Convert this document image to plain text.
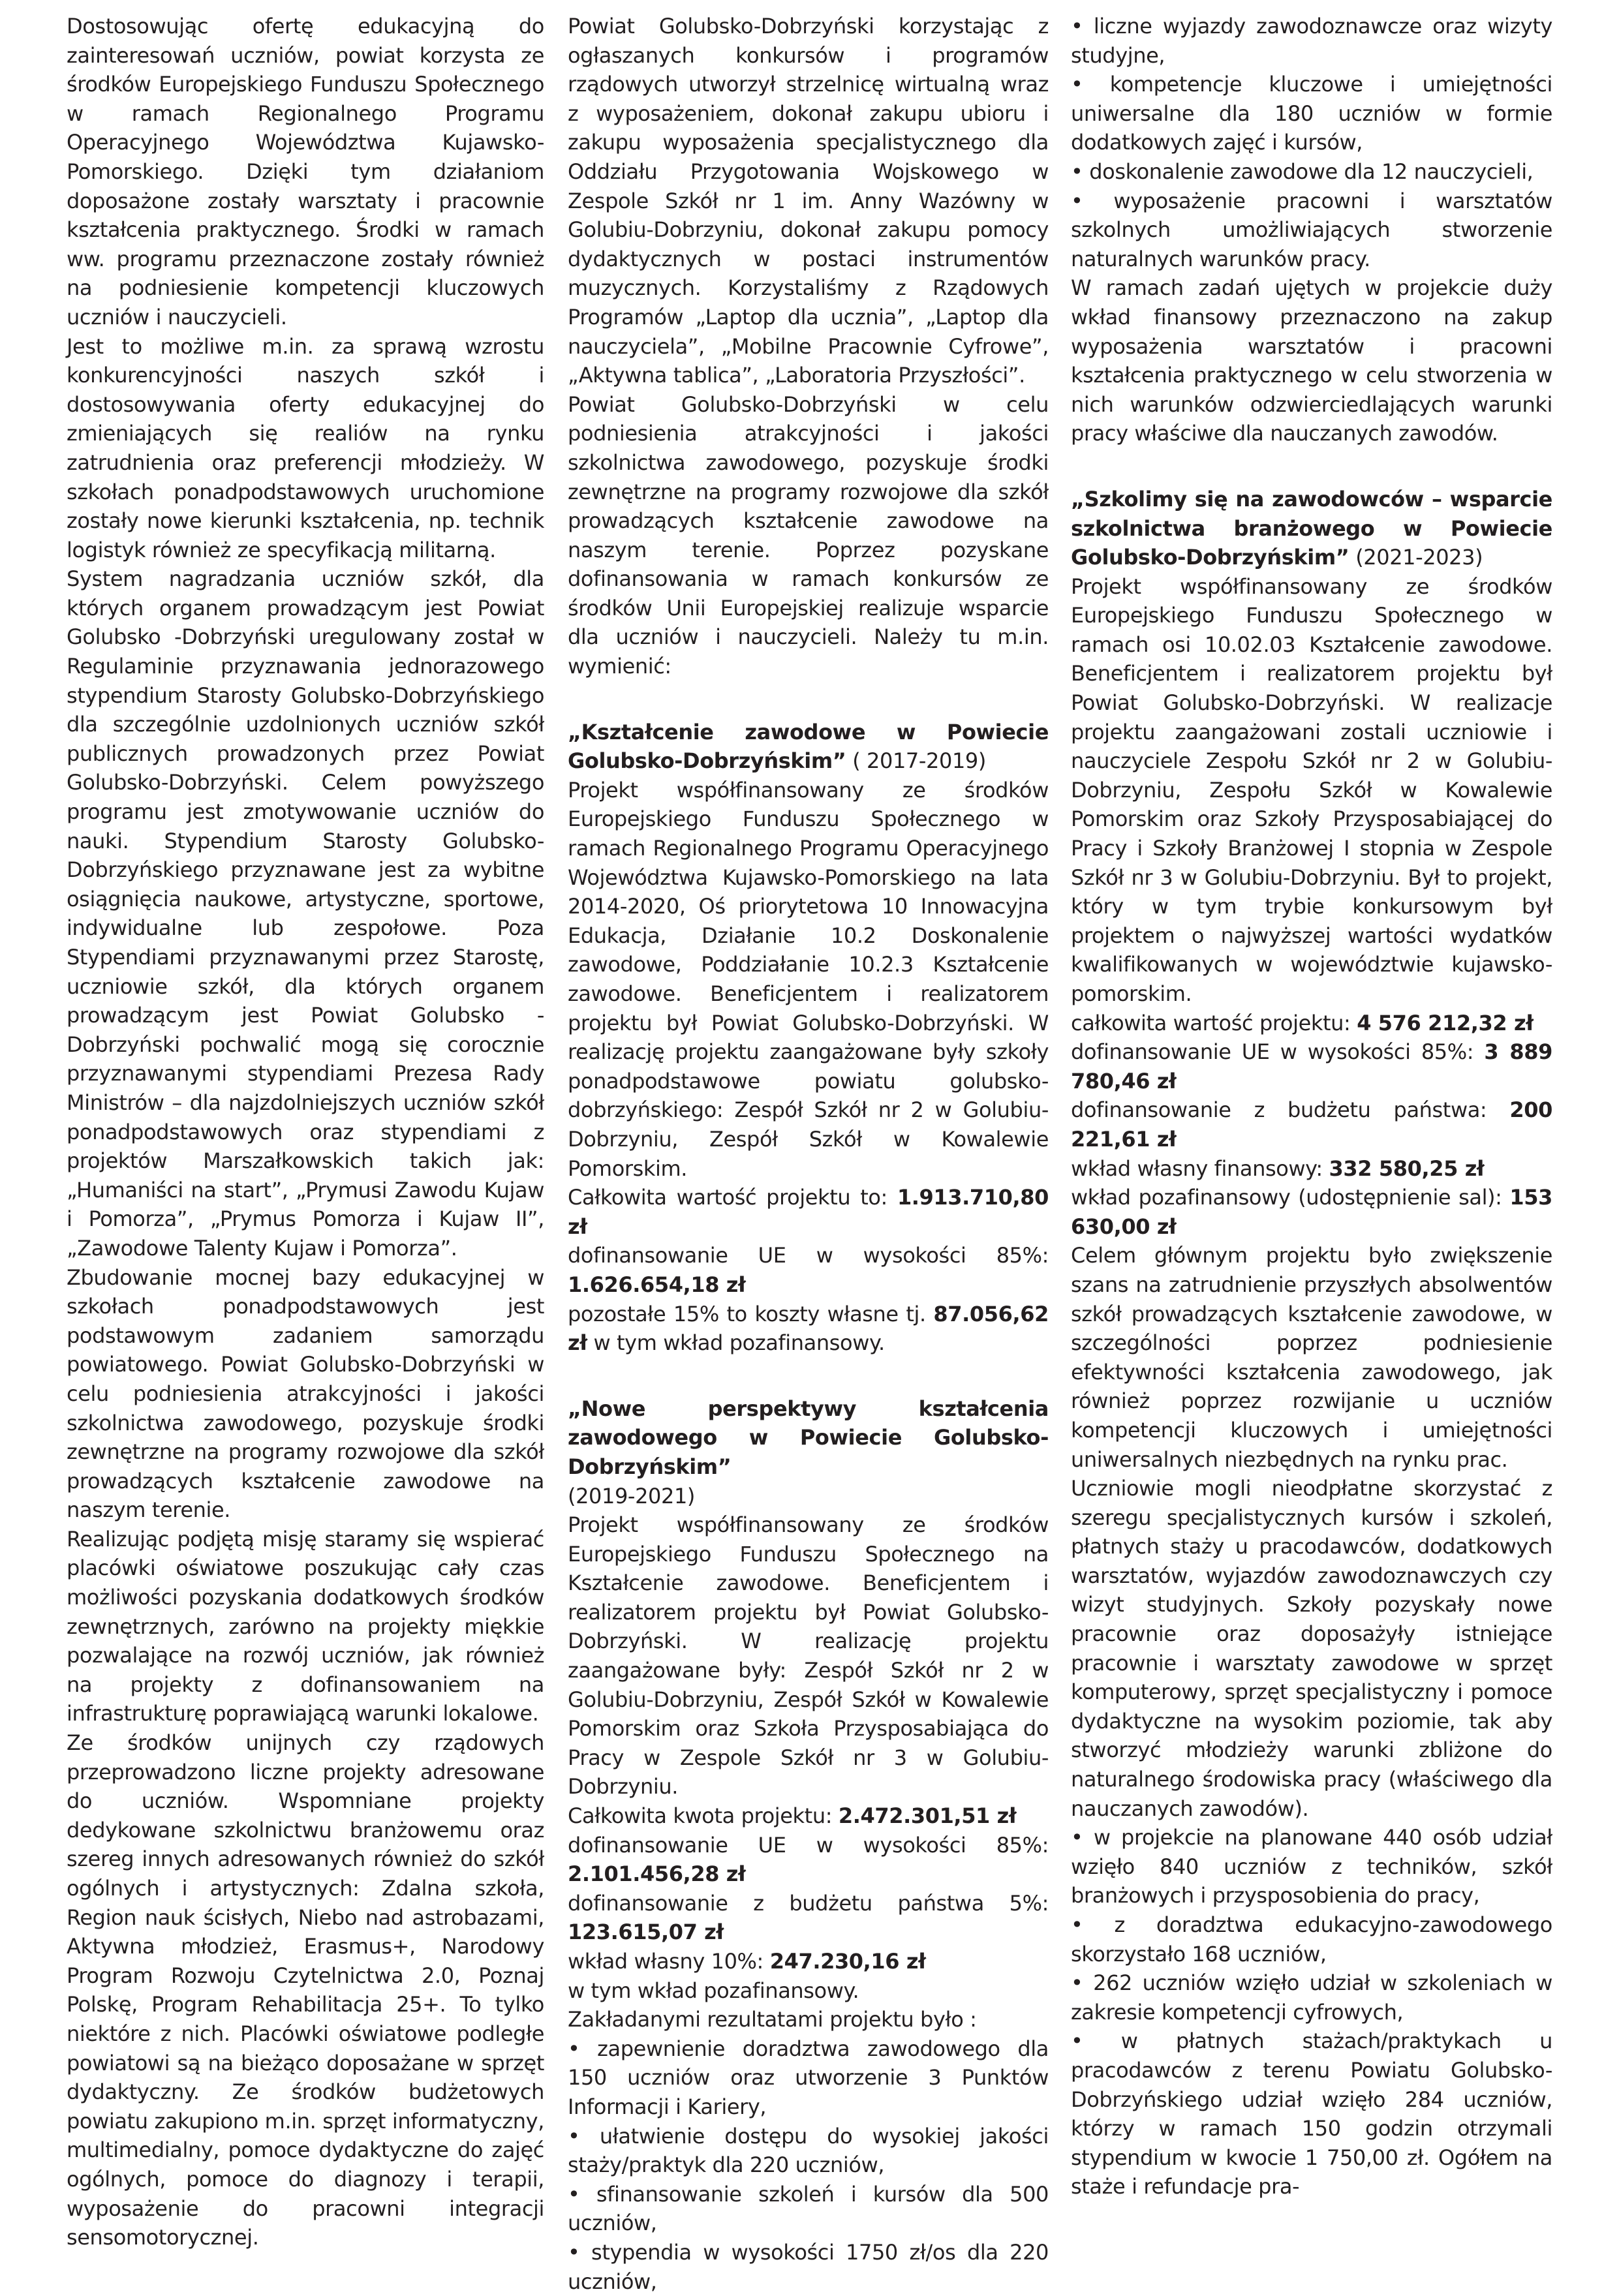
Dostosowując ofertę edukacyjną do zainteresowań uczniów, powiat korzysta ze środków Europejskiego Funduszu Społecznego w ramach Regionalnego Programu Operacyjnego Województwa Kujawsko-Pomorskiego. Dzięki tym działaniom doposażone zostały warsztaty i pracownie kształcenia praktycznego. Środki w ramach ww. programu przeznaczone zostały również na podniesienie kompetencji kluczowych uczniów i nauczycieli.

Jest to możliwe m.in. za sprawą wzrostu konkurencyjności naszych szkół i dostosowywania oferty edukacyjnej do zmieniających się realiów na rynku zatrudnienia oraz preferencji młodzieży. W szkołach ponadpodstawowych uruchomione zostały nowe kierunki kształcenia, np. technik logistyk również ze specyfikacją militarną.

System nagradzania uczniów szkół, dla których organem prowadzącym jest Powiat Golubsko -Dobrzyński uregulowany został w Regulaminie przyznawania jednorazowego stypendium Starosty Golubsko-Dobrzyńskiego dla szczególnie uzdolnionych uczniów szkół publicznych prowadzonych przez Powiat Golubsko-Dobrzyński. Celem powyższego programu jest zmotywowanie uczniów do nauki. Stypendium Starosty Golubsko-Dobrzyńskiego przyznawane jest za wybitne osiągnięcia naukowe, artystyczne, sportowe, indywidualne lub zespołowe. Poza Stypendiami przyznawanymi przez Starostę, uczniowie szkół, dla których organem prowadzącym jest Powiat Golubsko -Dobrzyński pochwalić mogą się corocznie przyznawanymi stypendiami Prezesa Rady Ministrów – dla najzdolniejszych uczniów szkół ponadpodstawowych oraz stypendiami z projektów Marszałkowskich takich jak: „Humaniści na start”, „Prymusi Zawodu Kujaw i Pomorza”, „Prymus Pomorza i Kujaw II”, „Zawodowe Talenty Kujaw i Pomorza”.

Zbudowanie mocnej bazy edukacyjnej w szkołach ponadpodstawowych jest podstawowym zadaniem samorządu powiatowego. Powiat Golubsko-Dobrzyński w celu podniesienia atrakcyjności i jakości szkolnictwa zawodowego, pozyskuje środki zewnętrzne na programy rozwojowe dla szkół prowadzących kształcenie zawodowe na naszym terenie.

Realizując podjętą misję staramy się wspierać placówki oświatowe poszukując cały czas możliwości pozyskania dodatkowych środków zewnętrznych, zarówno na projekty miękkie pozwalające na rozwój uczniów, jak również na projekty z dofinansowaniem na infrastrukturę poprawiającą warunki lokalowe.

Ze środków unijnych czy rządowych przeprowadzono liczne projekty adresowane do uczniów. Wspomniane projekty dedykowane szkolnictwu branżowemu oraz szereg innych adresowanych również do szkół ogólnych i artystycznych: Zdalna szkoła, Region nauk ścisłych, Niebo nad astrobazami, Aktywna młodzież, Erasmus+, Narodowy Program Rozwoju Czytelnictwa 2.0, Poznaj Polskę, Program Rehabilitacja 25+. To tylko niektóre z nich. Placówki oświatowe podległe powiatowi są na bieżąco doposażane w sprzęt dydaktyczny. Ze środków budżetowych powiatu zakupiono m.in. sprzęt informatyczny, multimedialny, pomoce dydaktyczne do zajęć ogólnych, pomoce do diagnozy i terapii, wyposażenie do pracowni integracji sensomotorycznej.

Powiat Golubsko-Dobrzyński korzystając z ogłaszanych konkursów i programów rządowych utworzył strzelnicę wirtualną wraz z wyposażeniem, dokonał zakupu ubioru i zakupu wyposażenia specjalistycznego dla Oddziału Przygotowania Wojskowego w Zespole Szkół nr 1 im. Anny Wazówny w Golubiu-Dobrzyniu, dokonał zakupu pomocy dydaktycznych w postaci instrumentów muzycznych. Korzystaliśmy z Rządowych Programów „Laptop dla ucznia”, „Laptop dla nauczyciela”, „Mobilne Pracownie Cyfrowe”, „Aktywna tablica”, „Laboratoria Przyszłości”.

Powiat Golubsko-Dobrzyński w celu podniesienia atrakcyjności i jakości szkolnictwa zawodowego, pozyskuje środki zewnętrzne na programy rozwojowe dla szkół prowadzących kształcenie zawodowe na naszym terenie. Poprzez pozyskane dofinansowania w ramach konkursów ze środków Unii Europejskiej realizuje wsparcie dla uczniów i nauczycieli. Należy tu m.in. wymienić:

„Kształcenie zawodowe w Powiecie Golubsko-Dobrzyńskim” ( 2017-2019)

Projekt współfinansowany ze środków Europejskiego Funduszu Społecznego w ramach Regionalnego Programu Operacyjnego Województwa Kujawsko-Pomorskiego na lata 2014-2020, Oś priorytetowa 10 Innowacyjna Edukacja, Działanie 10.2 Doskonalenie zawodowe, Poddziałanie 10.2.3 Kształcenie zawodowe. Beneficjentem i realizatorem projektu był Powiat Golubsko-Dobrzyński. W realizację projektu zaangażowane były szkoły ponadpodstawowe powiatu golubsko-dobrzyńskiego: Zespół Szkół nr 2 w Golubiu-Dobrzyniu, Zespół Szkół w Kowalewie Pomorskim.

Całkowita wartość projektu to: 1.913.710,80 zł

dofinansowanie UE w wysokości 85%: 1.626.654,18 zł

pozostałe 15% to koszty własne tj. 87.056,62 zł w tym wkład pozafinansowy.

„Nowe perspektywy kształcenia zawodowego w Powiecie Golubsko-Dobrzyńskim”

(2019-2021)

Projekt współfinansowany ze środków Europejskiego Funduszu Społecznego na Kształcenie zawodowe. Beneficjentem i realizatorem projektu był Powiat Golubsko-Dobrzyński. W realizację projektu zaangażowane były: Zespół Szkół nr 2 w Golubiu-Dobrzyniu, Zespół Szkół w Kowalewie Pomorskim oraz Szkoła Przysposabiająca do Pracy w Zespole Szkół nr 3 w Golubiu-Dobrzyniu.

Całkowita kwota projektu: 2.472.301,51 zł

dofinansowanie UE w wysokości 85%: 2.101.456,28 zł

dofinansowanie z budżetu państwa 5%: 123.615,07 zł

wkład własny 10%: 247.230,16 zł

w tym wkład pozafinansowy.

Zakładanymi rezultatami projektu było :

• zapewnienie doradztwa zawodowego dla 150 uczniów oraz utworzenie 3 Punktów Informacji i Kariery,

• ułatwienie dostępu do wysokiej jakości staży/praktyk dla 220 uczniów,

• sfinansowanie szkoleń i kursów dla 500 uczniów,

• stypendia w wysokości 1750 zł/os dla 220 uczniów,

• liczne wyjazdy zawodoznawcze oraz wizyty studyjne,

• kompetencje kluczowe i umiejętności uniwersalne dla 180 uczniów w formie dodatkowych zajęć i kursów,

• doskonalenie zawodowe dla 12 nauczycieli,

• wyposażenie pracowni i warsztatów szkolnych umożliwiających stworzenie naturalnych warunków pracy.

W ramach zadań ujętych w projekcie duży wkład finansowy przeznaczono na zakup wyposażenia warsztatów i pracowni kształcenia praktycznego w celu stworzenia w nich warunków odzwierciedlających warunki pracy właściwe dla nauczanych zawodów.

„Szkolimy się na zawodowców – wsparcie szkolnictwa branżowego w Powiecie Golubsko-Dobrzyńskim” (2021-2023)

Projekt współfinansowany ze środków Europejskiego Funduszu Społecznego w ramach osi 10.02.03 Kształcenie zawodowe. Beneficjentem i realizatorem projektu był Powiat Golubsko-Dobrzyński. W realizacje projektu zaangażowani zostali uczniowie i nauczyciele Zespołu Szkół nr 2 w Golubiu-Dobrzyniu, Zespołu Szkół w Kowalewie Pomorskim oraz Szkoły Przysposabiającej do Pracy i Szkoły Branżowej I stopnia w Zespole Szkół nr 3 w Golubiu-Dobrzyniu. Był to projekt, który w tym trybie konkursowym był projektem o najwyższej wartości wydatków kwalifikowanych w województwie kujawsko-pomorskim.

całkowita wartość projektu: 4 576 212,32 zł

dofinansowanie UE w wysokości 85%: 3 889 780,46 zł

dofinansowanie z budżetu państwa: 200 221,61 zł

wkład własny finansowy: 332 580,25 zł

wkład pozafinansowy (udostępnienie sal): 153 630,00 zł

Celem głównym projektu było zwiększenie szans na zatrudnienie przyszłych absolwentów szkół prowadzących kształcenie zawodowe, w szczególności poprzez podniesienie efektywności kształcenia zawodowego, jak również poprzez rozwijanie u uczniów kompetencji kluczowych i umiejętności uniwersalnych niezbędnych na rynku prac.

Uczniowie mogli nieodpłatne skorzystać z szeregu specjalistycznych kursów i szkoleń, płatnych staży u pracodawców, dodatkowych warsztatów, wyjazdów zawodoznawczych czy wizyt studyjnych. Szkoły pozyskały nowe pracownie oraz doposażyły istniejące pracownie i warsztaty zawodowe w sprzęt komputerowy, sprzęt specjalistyczny i pomoce dydaktyczne na wysokim poziomie, tak aby stworzyć młodzieży warunki zbliżone do naturalnego środowiska pracy (właściwego dla nauczanych zawodów).

• w projekcie na planowane 440 osób udział wzięło 840 uczniów z techników, szkół branżowych i przysposobienia do pracy,

• z doradztwa edukacyjno-zawodowego skorzystało 168 uczniów,

• 262 uczniów wzięło udział w szkoleniach w zakresie kompetencji cyfrowych,

• w płatnych stażach/praktykach u pracodawców z terenu Powiatu Golubsko-Dobrzyńskiego udział wzięło 284 uczniów, którzy w ramach 150 godzin otrzymali stypendium w kwocie 1 750,00 zł. Ogółem na staże i refundacje pra-
